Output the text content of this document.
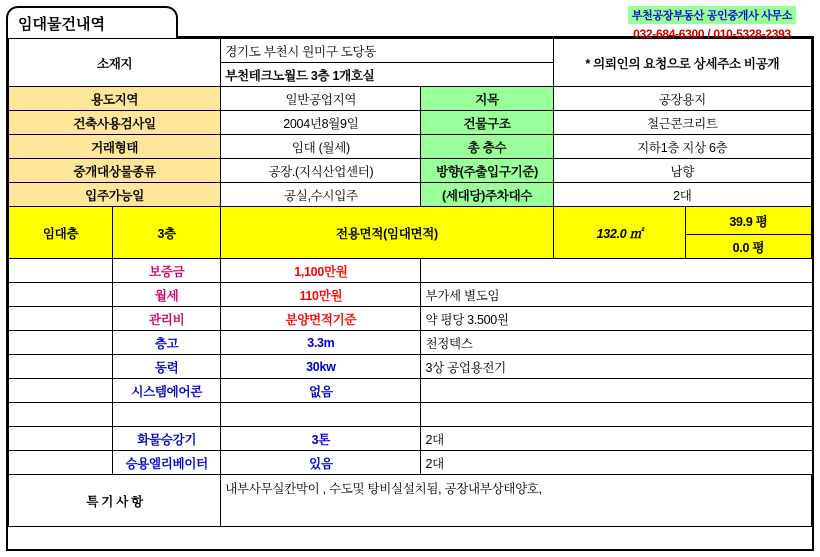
임대물건내역	부천공장부동산 공인중개사 사무소
032-684-6300 / 010-5328-2393
소재지		경기도 부천시 원미구 도당동		* 의뢰인의 요청으로 상세주소 비공개	
		부천테크노월드 3층 1개호실			
용도지역		일반공업지역	지목	공장용지	
건축사용검사일		2004년8월9일	건물구조	철근콘크리트	
거래형태		임대 (월세)	총 층수	지하1층 지상 6층	
중개대상물종류		공장.(지식산업센터)	방향(주출입구기준)	남향	
입주가능일		공실,수시입주	(세대당)주차대수	2대	
임대층	3층	전용면적(임대면적)		132.0 ㎡	39.9 평
					0.0 평
	보증금	1,100만원			
	월세	110만원	부가세 별도임		
	관리비	분양면적기준	약 평당 3.500원		
	층고	3.3m	천정텍스		
	동력	30kw	3상 공업용전기		
	시스템에어콘	없음			

	화물승강기	3톤	2대		
	승용엘리베이터	있음	2대		
특 기 사 항		내부사무실칸막이 , 수도및 탕비실설치됨, 공장내부상태양호,			
